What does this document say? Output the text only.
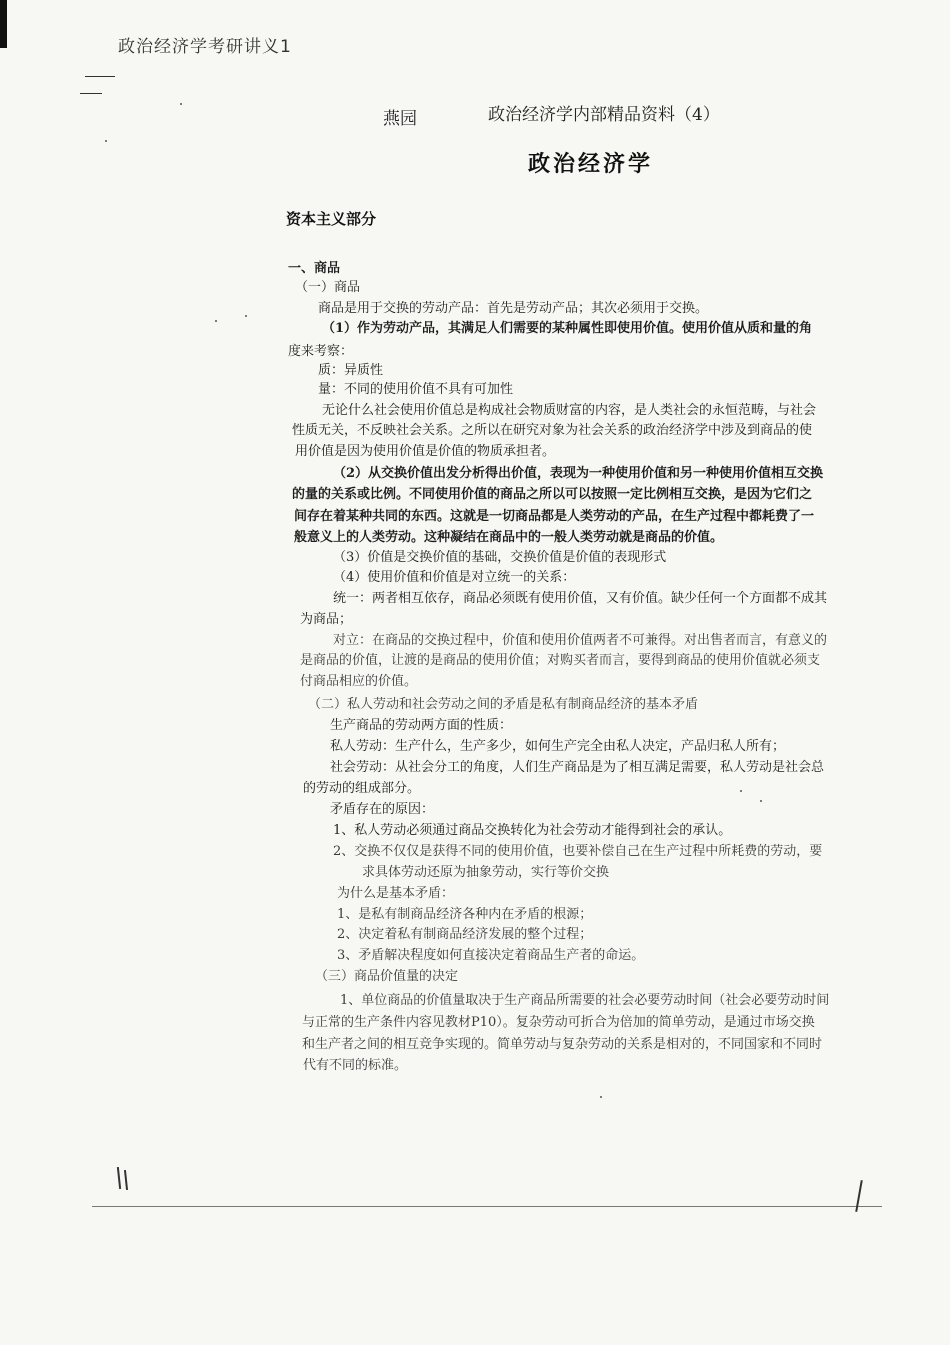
政治经济学考研讲义1
燕园	政治经济学内部精品资料（4）
政治经济学
资本主义部分
一、商品
（一）商品
商品是用于交换的劳动产品：首先是劳动产品；其次必须用于交换。
（1）作为劳动产品，其满足人们需要的某种属性即使用价值。使用价值从质和量的角
度来考察：
质：异质性
量：不同的使用价值不具有可加性
无论什么社会使用价值总是构成社会物质财富的内容，是人类社会的永恒范畴，与社会
性质无关，不反映社会关系。之所以在研究对象为社会关系的政治经济学中涉及到商品的使
用价值是因为使用价值是价值的物质承担者。
（2）从交换价值出发分析得出价值，表现为一种使用价值和另一种使用价值相互交换
的量的关系或比例。不同使用价值的商品之所以可以按照一定比例相互交换，是因为它们之
间存在着某种共同的东西。这就是一切商品都是人类劳动的产品，在生产过程中都耗费了一
般意义上的人类劳动。这种凝结在商品中的一般人类劳动就是商品的价值。
（3）价值是交换价值的基础，交换价值是价值的表现形式
（4）使用价值和价值是对立统一的关系：
统一：两者相互依存，商品必须既有使用价值，又有价值。缺少任何一个方面都不成其
为商品；
对立：在商品的交换过程中，价值和使用价值两者不可兼得。对出售者而言，有意义的
是商品的价值，让渡的是商品的使用价值；对购买者而言，要得到商品的使用价值就必须支
付商品相应的价值。
（二）私人劳动和社会劳动之间的矛盾是私有制商品经济的基本矛盾
生产商品的劳动两方面的性质：
私人劳动：生产什么，生产多少，如何生产完全由私人决定，产品归私人所有；
社会劳动：从社会分工的角度，人们生产商品是为了相互满足需要，私人劳动是社会总
的劳动的组成部分。
矛盾存在的原因：
1、私人劳动必须通过商品交换转化为社会劳动才能得到社会的承认。
2、交换不仅仅是获得不同的使用价值，也要补偿自己在生产过程中所耗费的劳动，要
求具体劳动还原为抽象劳动，实行等价交换
为什么是基本矛盾：
1、是私有制商品经济各种内在矛盾的根源；
2、决定着私有制商品经济发展的整个过程；
3、矛盾解决程度如何直接决定着商品生产者的命运。
（三）商品价值量的决定
1、单位商品的价值量取决于生产商品所需要的社会必要劳动时间（社会必要劳动时间
与正常的生产条件内容见教材P10）。复杂劳动可折合为倍加的简单劳动，是通过市场交换
和生产者之间的相互竞争实现的。简单劳动与复杂劳动的关系是相对的，不同国家和不同时
代有不同的标准。
